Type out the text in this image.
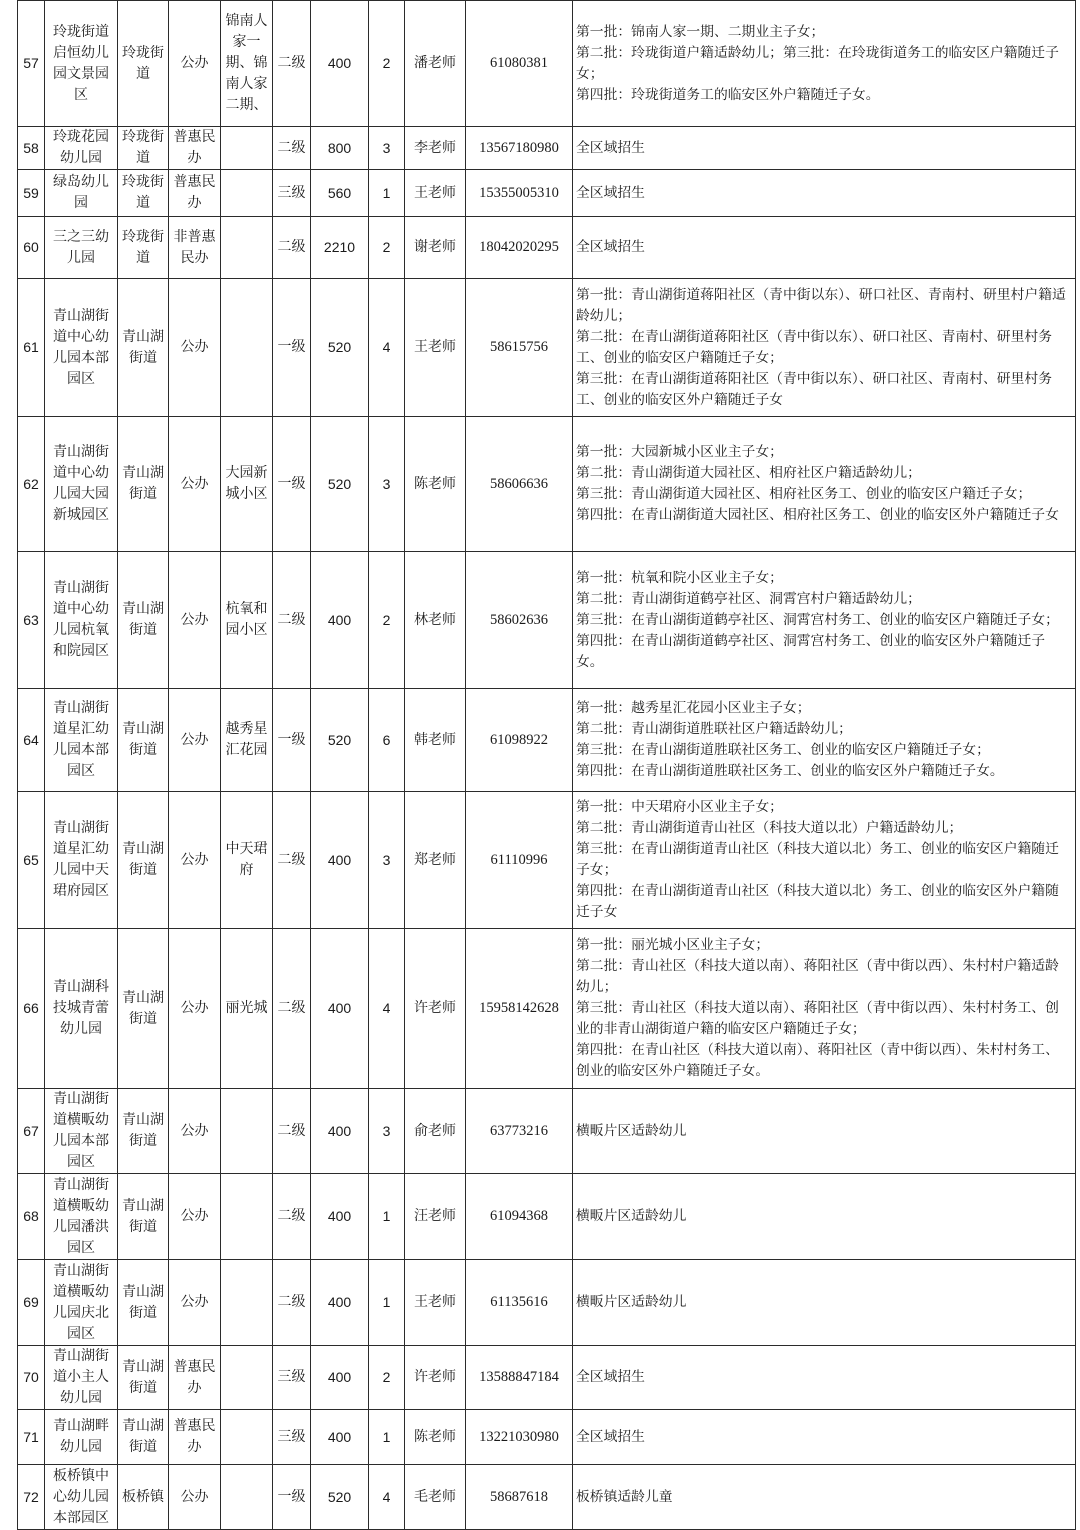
57	玲珑街道启恒幼儿园文景园区	玲珑街道	公办	锦南人家一期、锦南人家二期、	二级	400	2	潘老师	61080381	第一批：锦南人家一期、二期业主子女；
第二批：玲珑街道户籍适龄幼儿；第三批：在玲珑街道务工的临安区户籍随迁子女；
第四批：玲珑街道务工的临安区外户籍随迁子女。

58	玲珑花园幼儿园	玲珑街道	普惠民办		二级	800	3	李老师	13567180980	全区域招生

59	绿岛幼儿园	玲珑街道	普惠民办		三级	560	1	王老师	15355005310	全区域招生

60	三之三幼儿园	玲珑街道	非普惠民办		二级	2210	2	谢老师	18042020295	全区域招生

61	青山湖街道中心幼儿园本部园区	青山湖街道	公办		一级	520	4	王老师	58615756	第一批：青山湖街道蒋阳社区（青中街以东）、研口社区、青南村、研里村户籍适龄幼儿；
第二批：在青山湖街道蒋阳社区（青中街以东）、研口社区、青南村、研里村务工、创业的临安区户籍随迁子女；
第三批：在青山湖街道蒋阳社区（青中街以东）、研口社区、青南村、研里村务工、创业的临安区外户籍随迁子女

62	青山湖街道中心幼儿园大园新城园区	青山湖街道	公办	大园新城小区	一级	520	3	陈老师	58606636	第一批：大园新城小区业主子女；
第二批：青山湖街道大园社区、相府社区户籍适龄幼儿；
第三批：青山湖街道大园社区、相府社区务工、创业的临安区户籍迁子女；
第四批：在青山湖街道大园社区、相府社区务工、创业的临安区外户籍随迁子女

63	青山湖街道中心幼儿园杭氧和院园区	青山湖街道	公办	杭氧和园小区	二级	400	2	林老师	58602636	第一批：杭氧和院小区业主子女；
第二批：青山湖街道鹤亭社区、洞霄宫村户籍适龄幼儿；
第三批：在青山湖街道鹤亭社区、洞霄宫村务工、创业的临安区户籍随迁子女；
第四批：在青山湖街道鹤亭社区、洞霄宫村务工、创业的临安区外户籍随迁子女。

64	青山湖街道星汇幼儿园本部园区	青山湖街道	公办	越秀星汇花园	一级	520	6	韩老师	61098922	第一批：越秀星汇花园小区业主子女；
第二批：青山湖街道胜联社区户籍适龄幼儿；
第三批：在青山湖街道胜联社区务工、创业的临安区户籍随迁子女；
第四批：在青山湖街道胜联社区务工、创业的临安区外户籍随迁子女。

65	青山湖街道星汇幼儿园中天珺府园区	青山湖街道	公办	中天珺府	二级	400	3	郑老师	61110996	第一批：中天珺府小区业主子女；
第二批：青山湖街道青山社区（科技大道以北）户籍适龄幼儿；
第三批：在青山湖街道青山社区（科技大道以北）务工、创业的临安区户籍随迁子女；
第四批：在青山湖街道青山社区（科技大道以北）务工、创业的临安区外户籍随迁子女

66	青山湖科技城青蕾幼儿园	青山湖街道	公办	丽光城	二级	400	4	许老师	15958142628	第一批：丽光城小区业主子女；
第二批：青山社区（科技大道以南）、蒋阳社区（青中街以西）、朱村村户籍适龄幼儿；
第三批：青山社区（科技大道以南）、蒋阳社区（青中街以西）、朱村村务工、创业的非青山湖街道户籍的临安区户籍随迁子女；
第四批：在青山社区（科技大道以南）、蒋阳社区（青中街以西）、朱村村务工、创业的临安区外户籍随迁子女。

67	青山湖街道横畈幼儿园本部园区	青山湖街道	公办		二级	400	3	俞老师	63773216	横畈片区适龄幼儿

68	青山湖街道横畈幼儿园潘洪园区	青山湖街道	公办		二级	400	1	汪老师	61094368	横畈片区适龄幼儿

69	青山湖街道横畈幼儿园庆北园区	青山湖街道	公办		二级	400	1	王老师	61135616	横畈片区适龄幼儿

70	青山湖街道小主人幼儿园	青山湖街道	普惠民办		三级	400	2	许老师	13588847184	全区域招生

71	青山湖畔幼儿园	青山湖街道	普惠民办		三级	400	1	陈老师	13221030980	全区域招生

72	板桥镇中心幼儿园本部园区	板桥镇	公办		一级	520	4	毛老师	58687618	板桥镇适龄儿童
